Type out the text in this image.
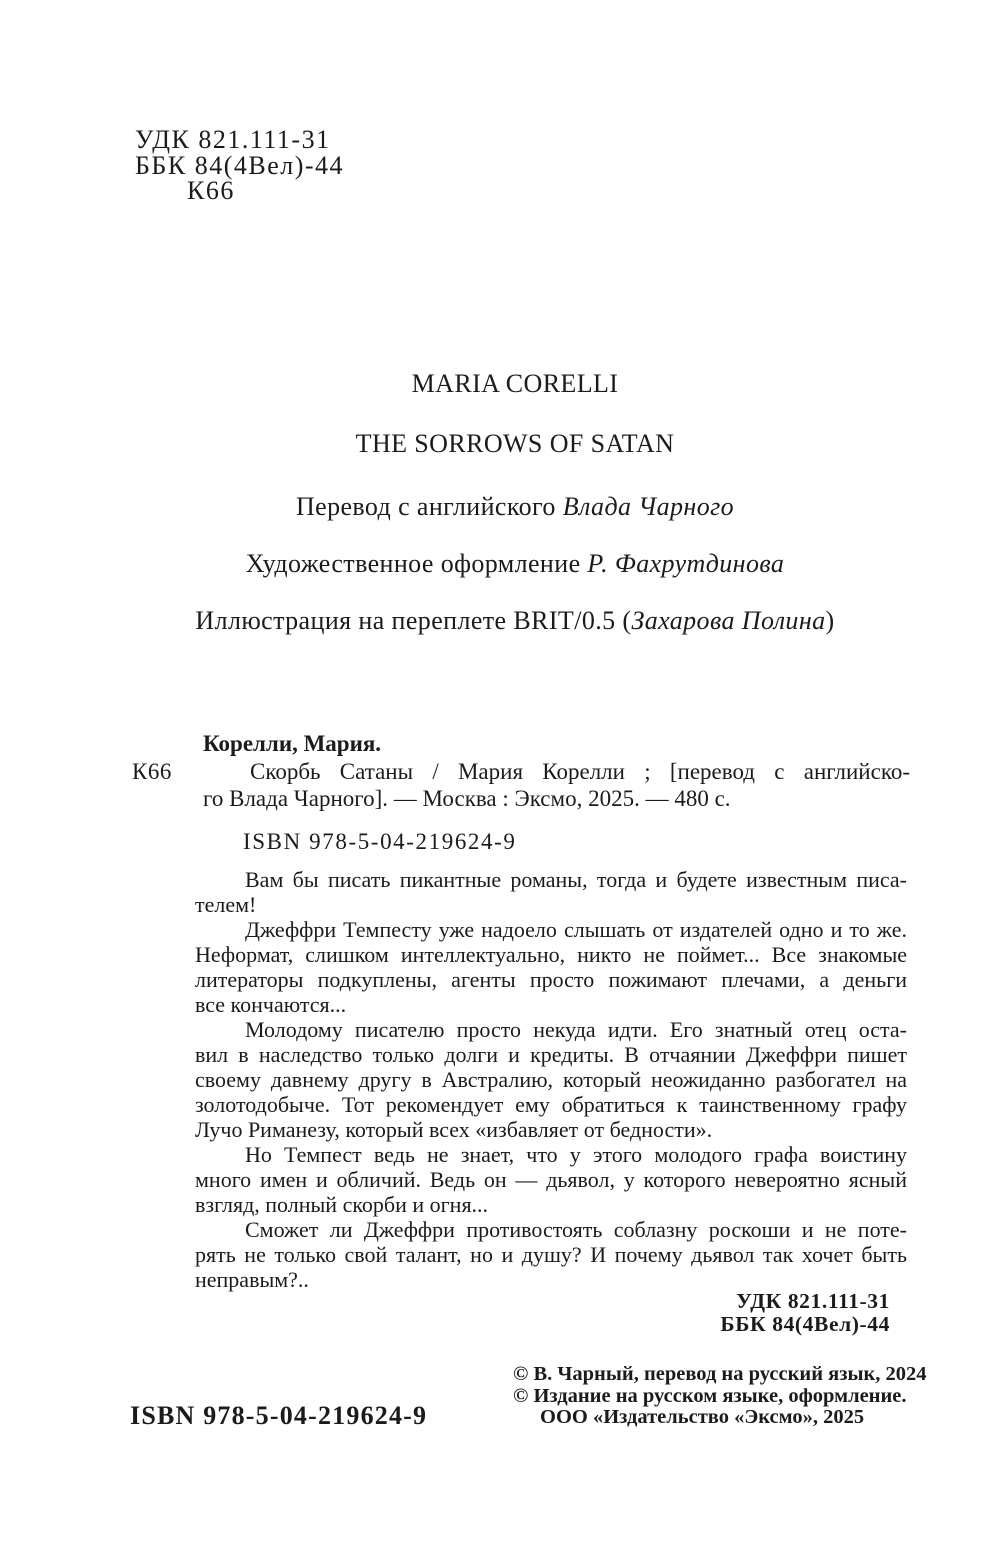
УДК 821.111-31
ББК 84(4Вел)-44
К66
MARIA CORELLI
THE SORROWS OF SATAN
Перевод с английского Влада Чарного
Художественное оформление Р. Фахрутдинова
Иллюстрация на переплете BRIT/0.5 (Захарова Полина)
К66
Корелли, Мария.
Скорбь Сатаны / Мария Корелли ; [перевод с английско-
го Влада Чарного]. — Москва : Эксмо, 2025. — 480 с.
ISBN 978-5-04-219624-9
Вам бы писать пикантные романы, тогда и будете известным писа-
телем!
Джеффри Темпесту уже надоело слышать от издателей одно и то же.
Неформат, слишком интеллектуально, никто не поймет... Все знакомые
литераторы подкуплены, агенты просто пожимают плечами, а деньги
все кончаются...
Молодому писателю просто некуда идти. Его знатный отец оста-
вил в наследство только долги и кредиты. В отчаянии Джеффри пишет
своему давнему другу в Австралию, который неожиданно разбогател на
золотодобыче. Тот рекомендует ему обратиться к таинственному графу
Лучо Риманезу, который всех «избавляет от бедности».
Но Темпест ведь не знает, что у этого молодого графа воистину
много имен и обличий. Ведь он — дьявол, у которого невероятно ясный
взгляд, полный скорби и огня...
Сможет ли Джеффри противостоять соблазну роскоши и не поте-
рять не только свой талант, но и душу? И почему дьявол так хочет быть
неправым?..
УДК 821.111-31
ББК 84(4Вел)-44
© В. Чарный, перевод на русский язык, 2024
© Издание на русском языке, оформление.
ООО «Издательство «Эксмо», 2025
ISBN 978-5-04-219624-9
